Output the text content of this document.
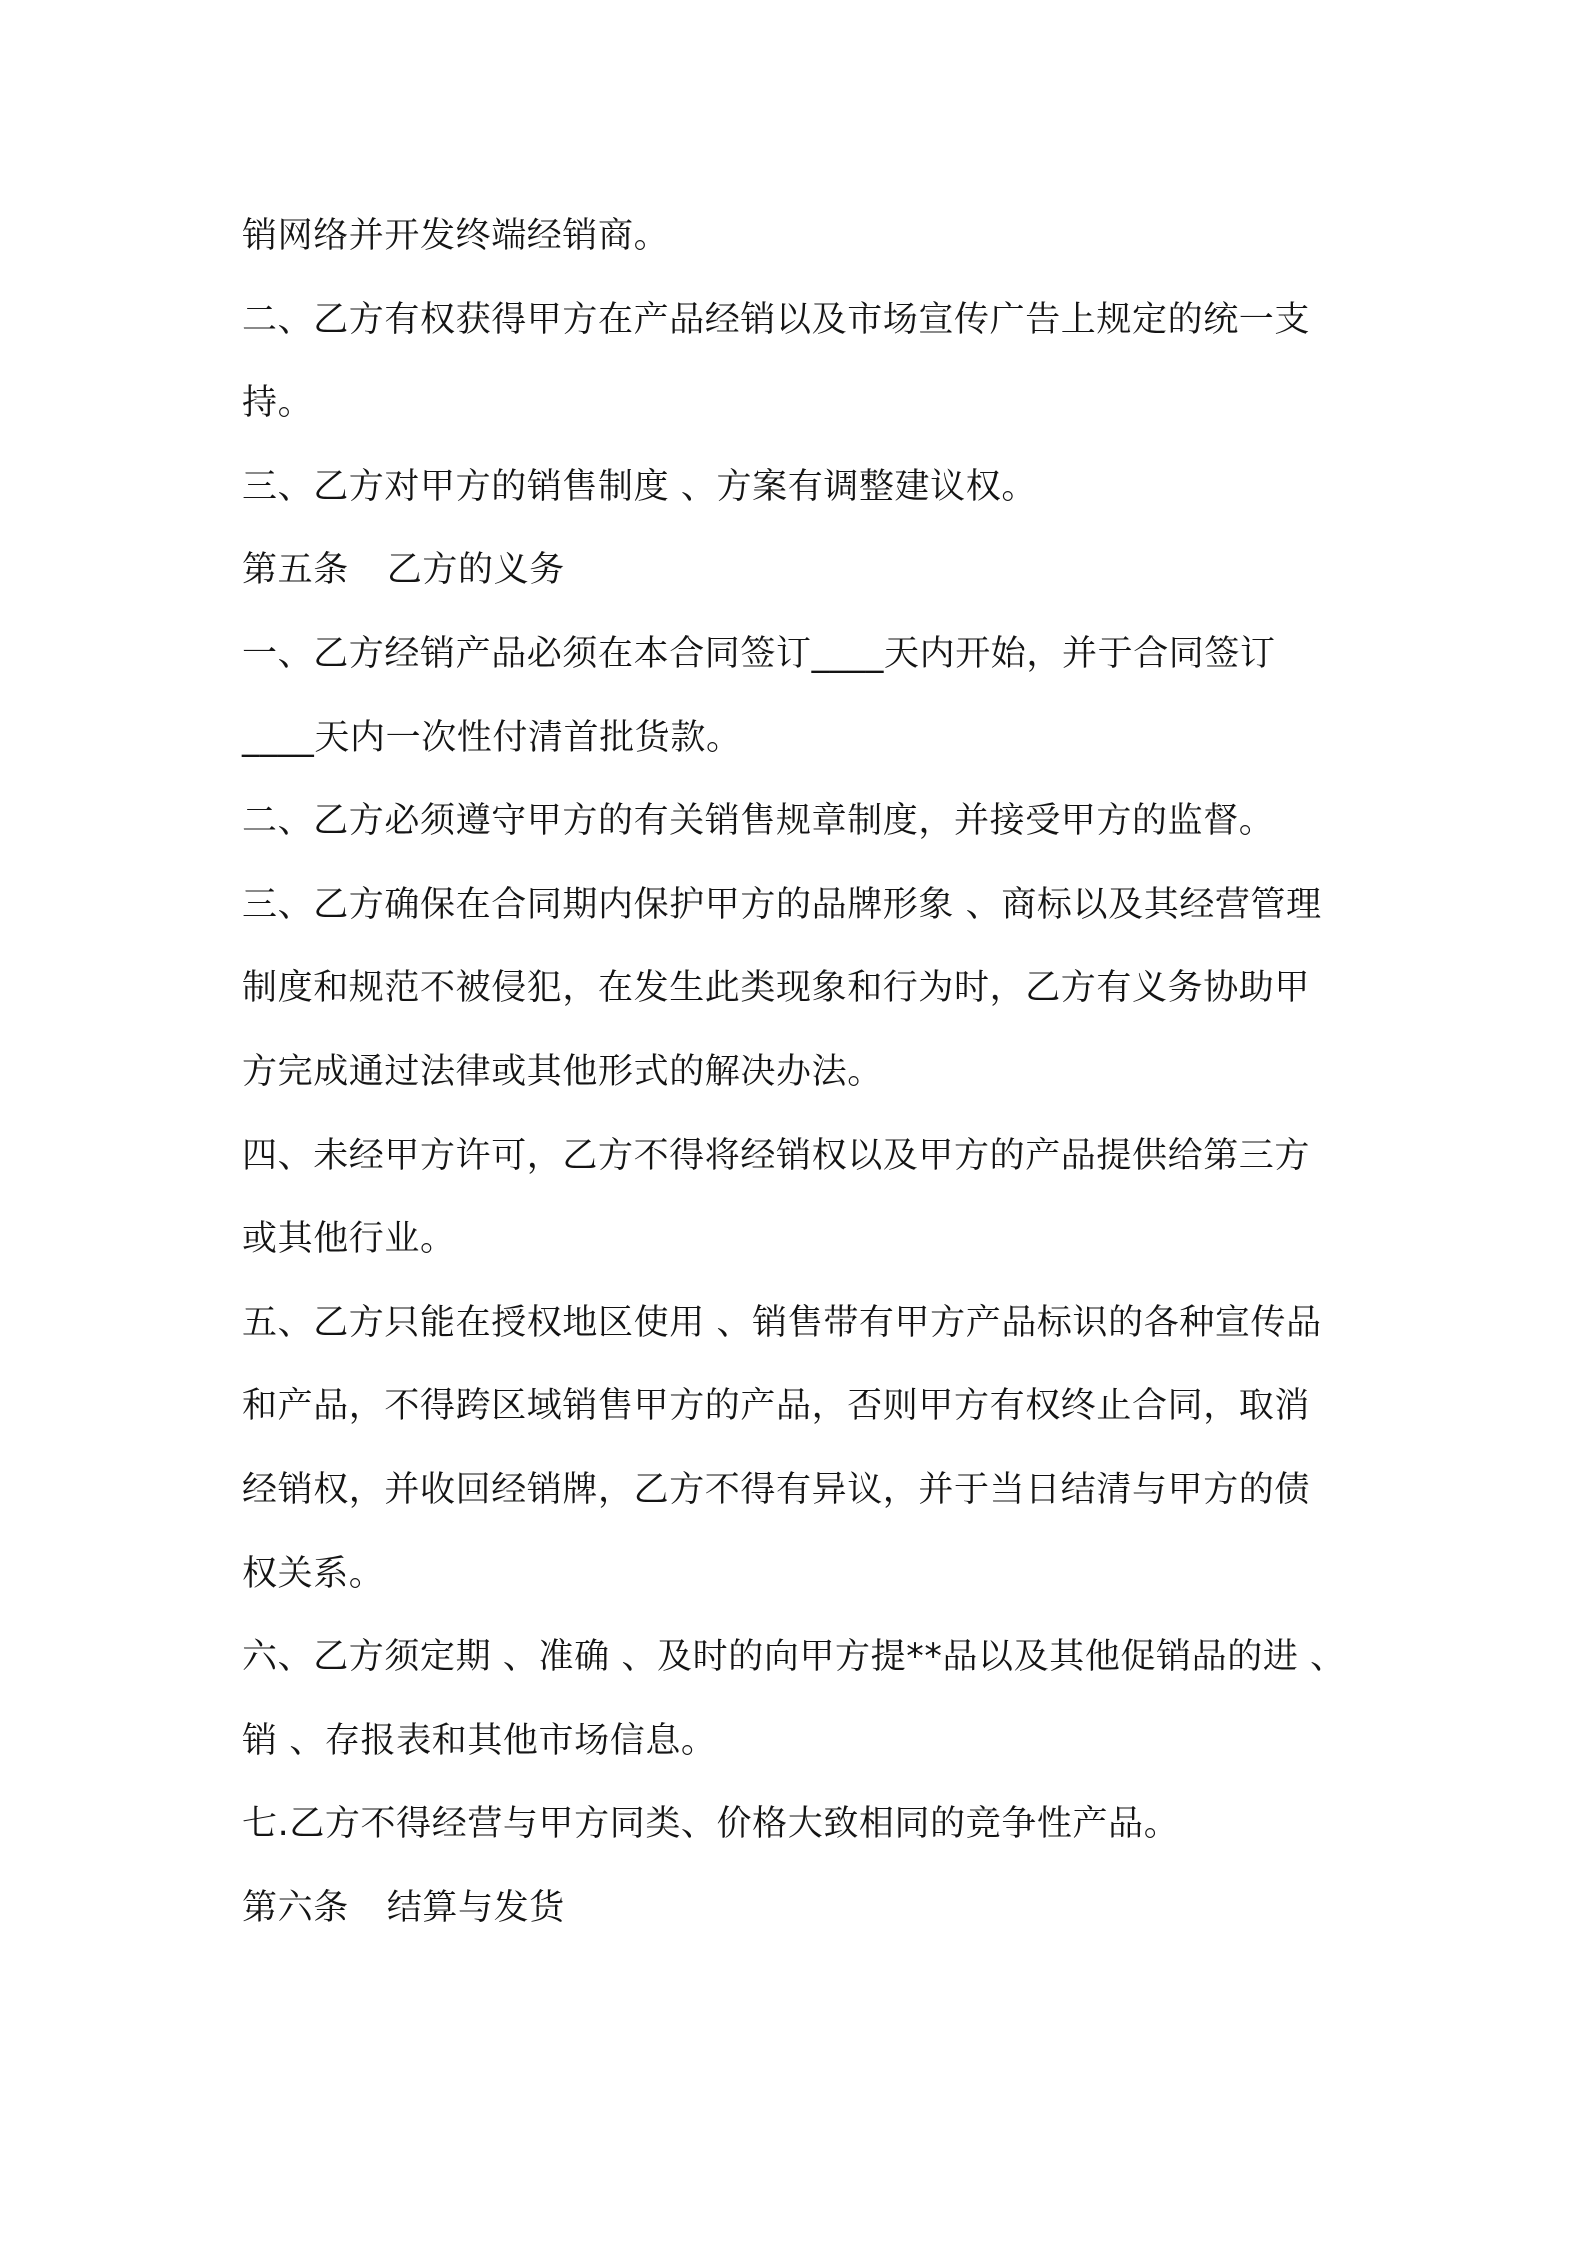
销网络并开发终端经销商。
二、乙方有权获得甲方在产品经销以及市场宣传广告上规定的统一支
持。
三、乙方对甲方的销售制度 、方案有调整建议权。
第五条 乙方的义务
一、乙方经销产品必须在本合同签订____天内开始，并于合同签订
____天内一次性付清首批货款。
二、乙方必须遵守甲方的有关销售规章制度，并接受甲方的监督。
三、乙方确保在合同期内保护甲方的品牌形象 、商标以及其经营管理
制度和规范不被侵犯，在发生此类现象和行为时，乙方有义务协助甲
方完成通过法律或其他形式的解决办法。
四、未经甲方许可，乙方不得将经销权以及甲方的产品提供给第三方
或其他行业。
五、乙方只能在授权地区使用 、销售带有甲方产品标识的各种宣传品
和产品，不得跨区域销售甲方的产品，否则甲方有权终止合同，取消
经销权，并收回经销牌，乙方不得有异议，并于当日结清与甲方的债
权关系。
六、乙方须定期 、准确 、及时的向甲方提**品以及其他促销品的进 、
销 、存报表和其他市场信息。
七.乙方不得经营与甲方同类、价格大致相同的竞争性产品。
第六条 结算与发货
